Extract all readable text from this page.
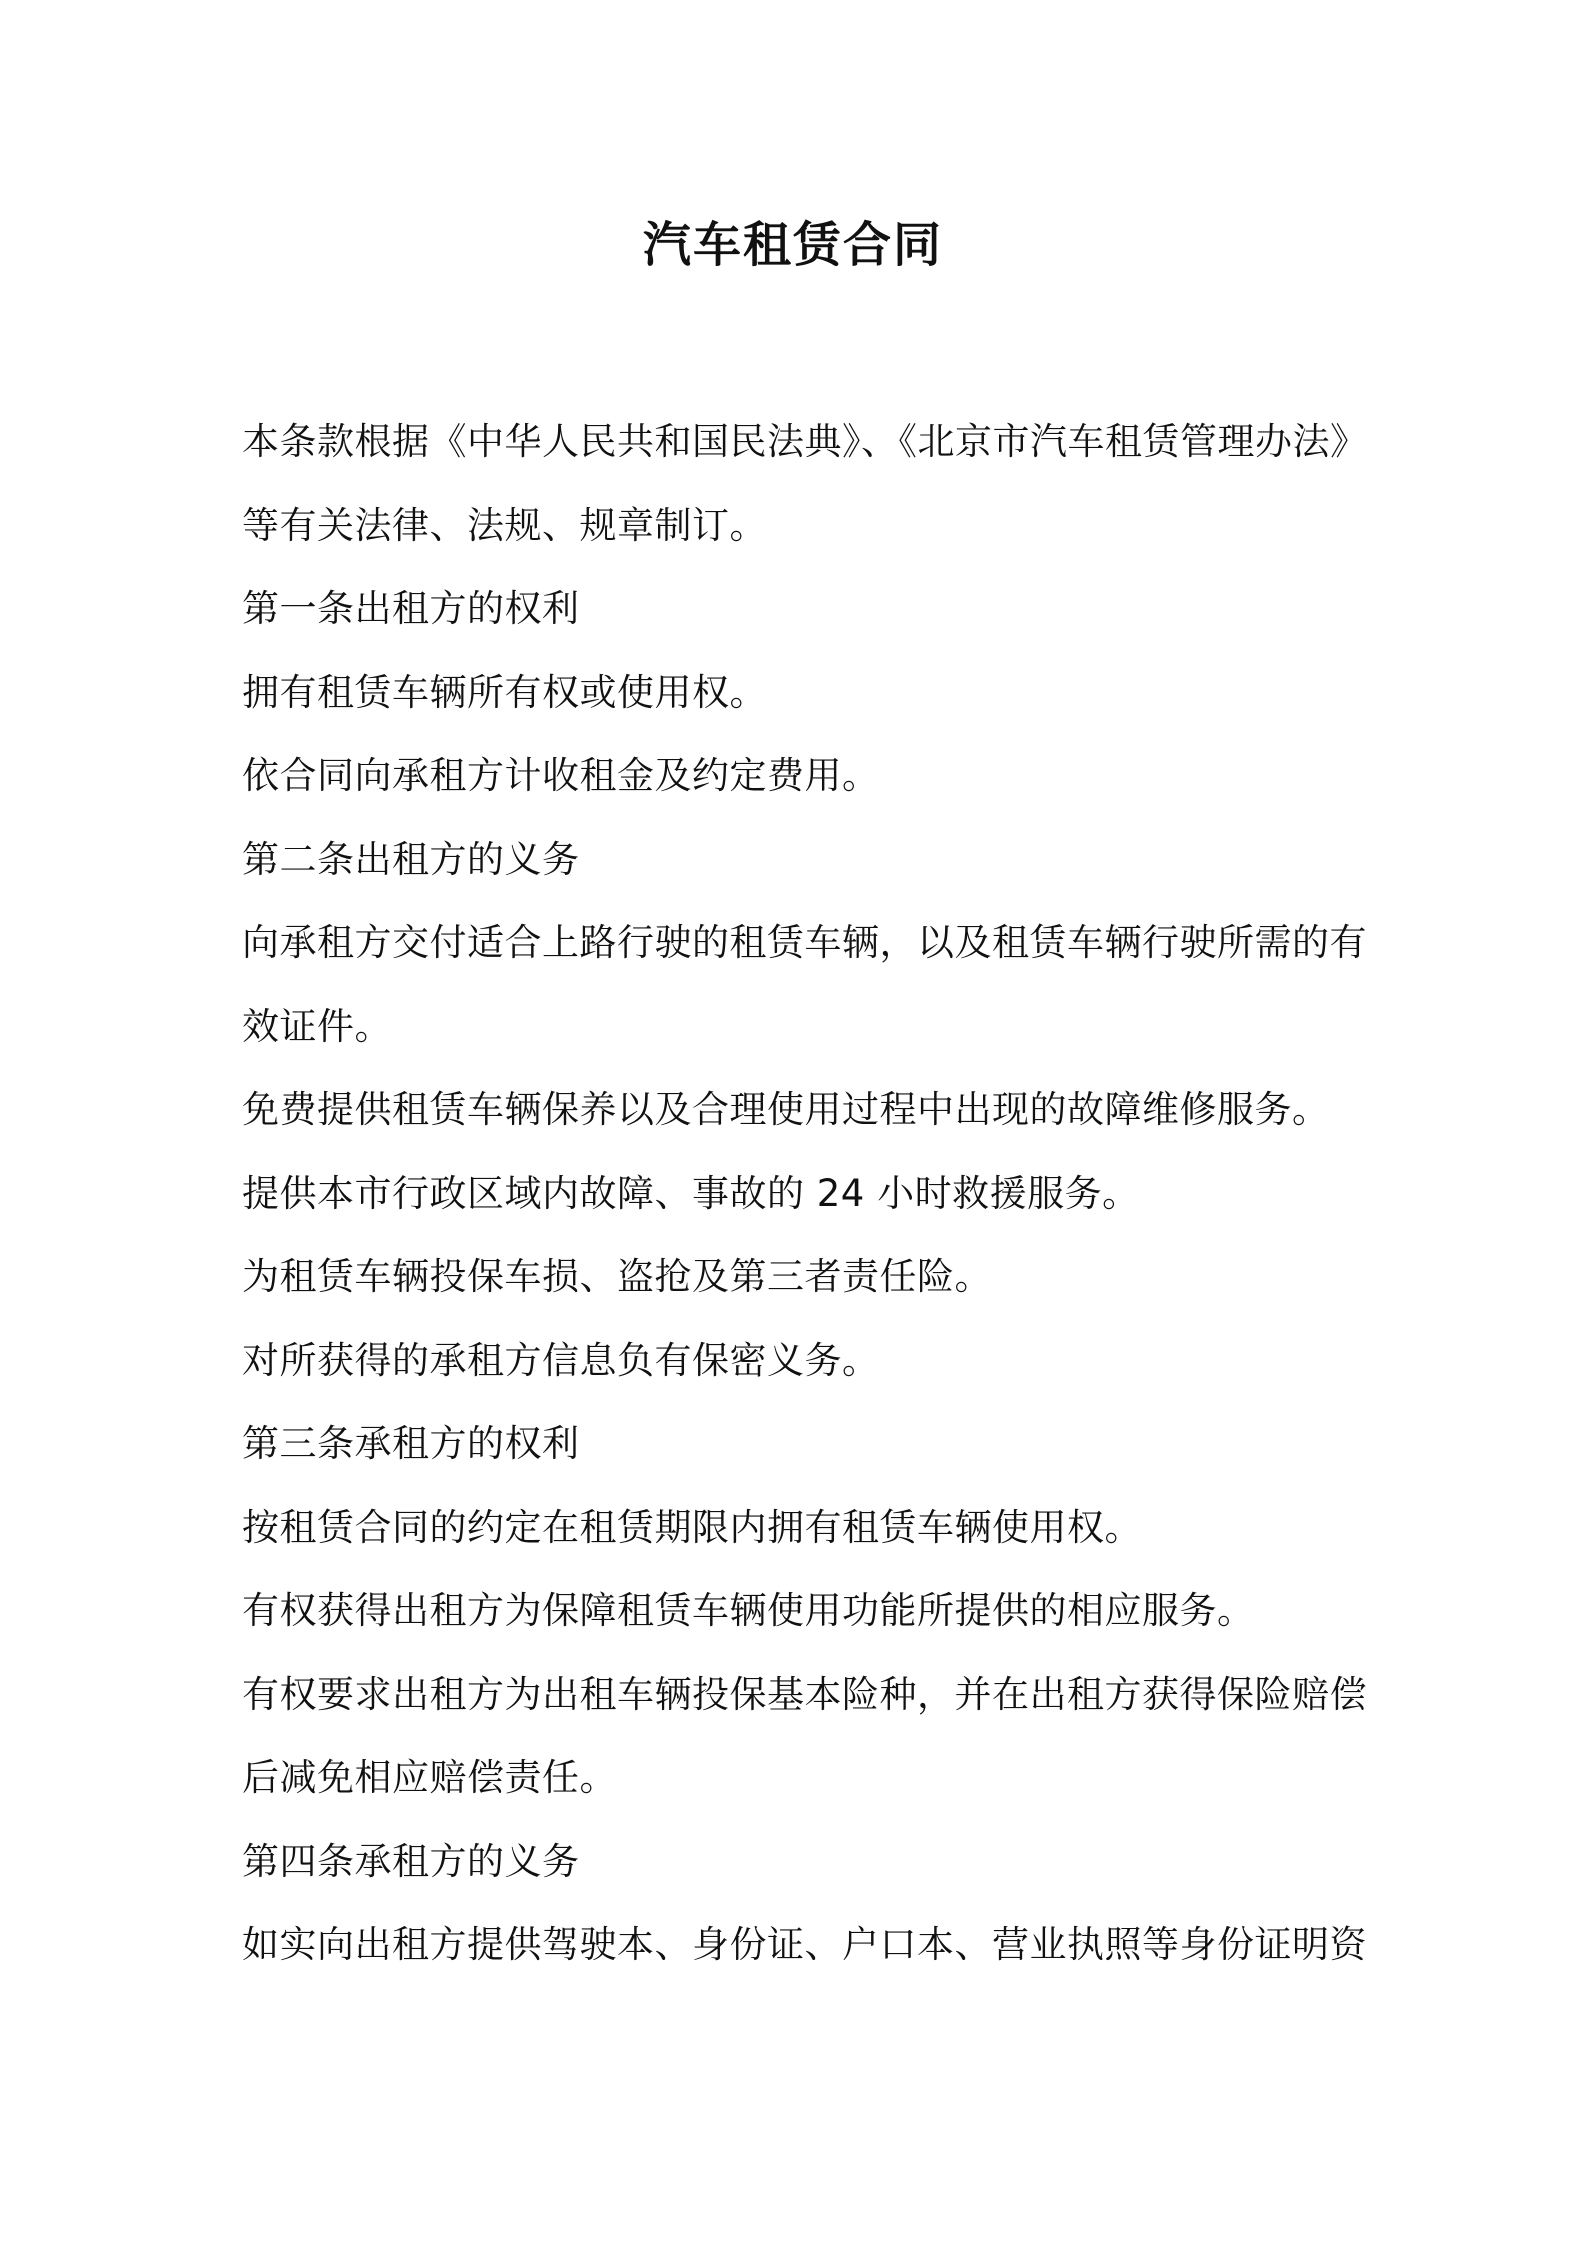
汽车租赁合同
本条款根据《中华人民共和国民法典》、《北京市汽车租赁管理办法》
等有关法律、法规、规章制订。
第一条出租方的权利
拥有租赁车辆所有权或使用权。
依合同向承租方计收租金及约定费用。
第二条出租方的义务
向承租方交付适合上路行驶的租赁车辆，以及租赁车辆行驶所需的有
效证件。
免费提供租赁车辆保养以及合理使用过程中出现的故障维修服务。
提供本市行政区域内故障、事故的 24 小时救援服务。
为租赁车辆投保车损、盗抢及第三者责任险。
对所获得的承租方信息负有保密义务。
第三条承租方的权利
按租赁合同的约定在租赁期限内拥有租赁车辆使用权。
有权获得出租方为保障租赁车辆使用功能所提供的相应服务。
有权要求出租方为出租车辆投保基本险种，并在出租方获得保险赔偿
后减免相应赔偿责任。
第四条承租方的义务
如实向出租方提供驾驶本、身份证、户口本、营业执照等身份证明资
